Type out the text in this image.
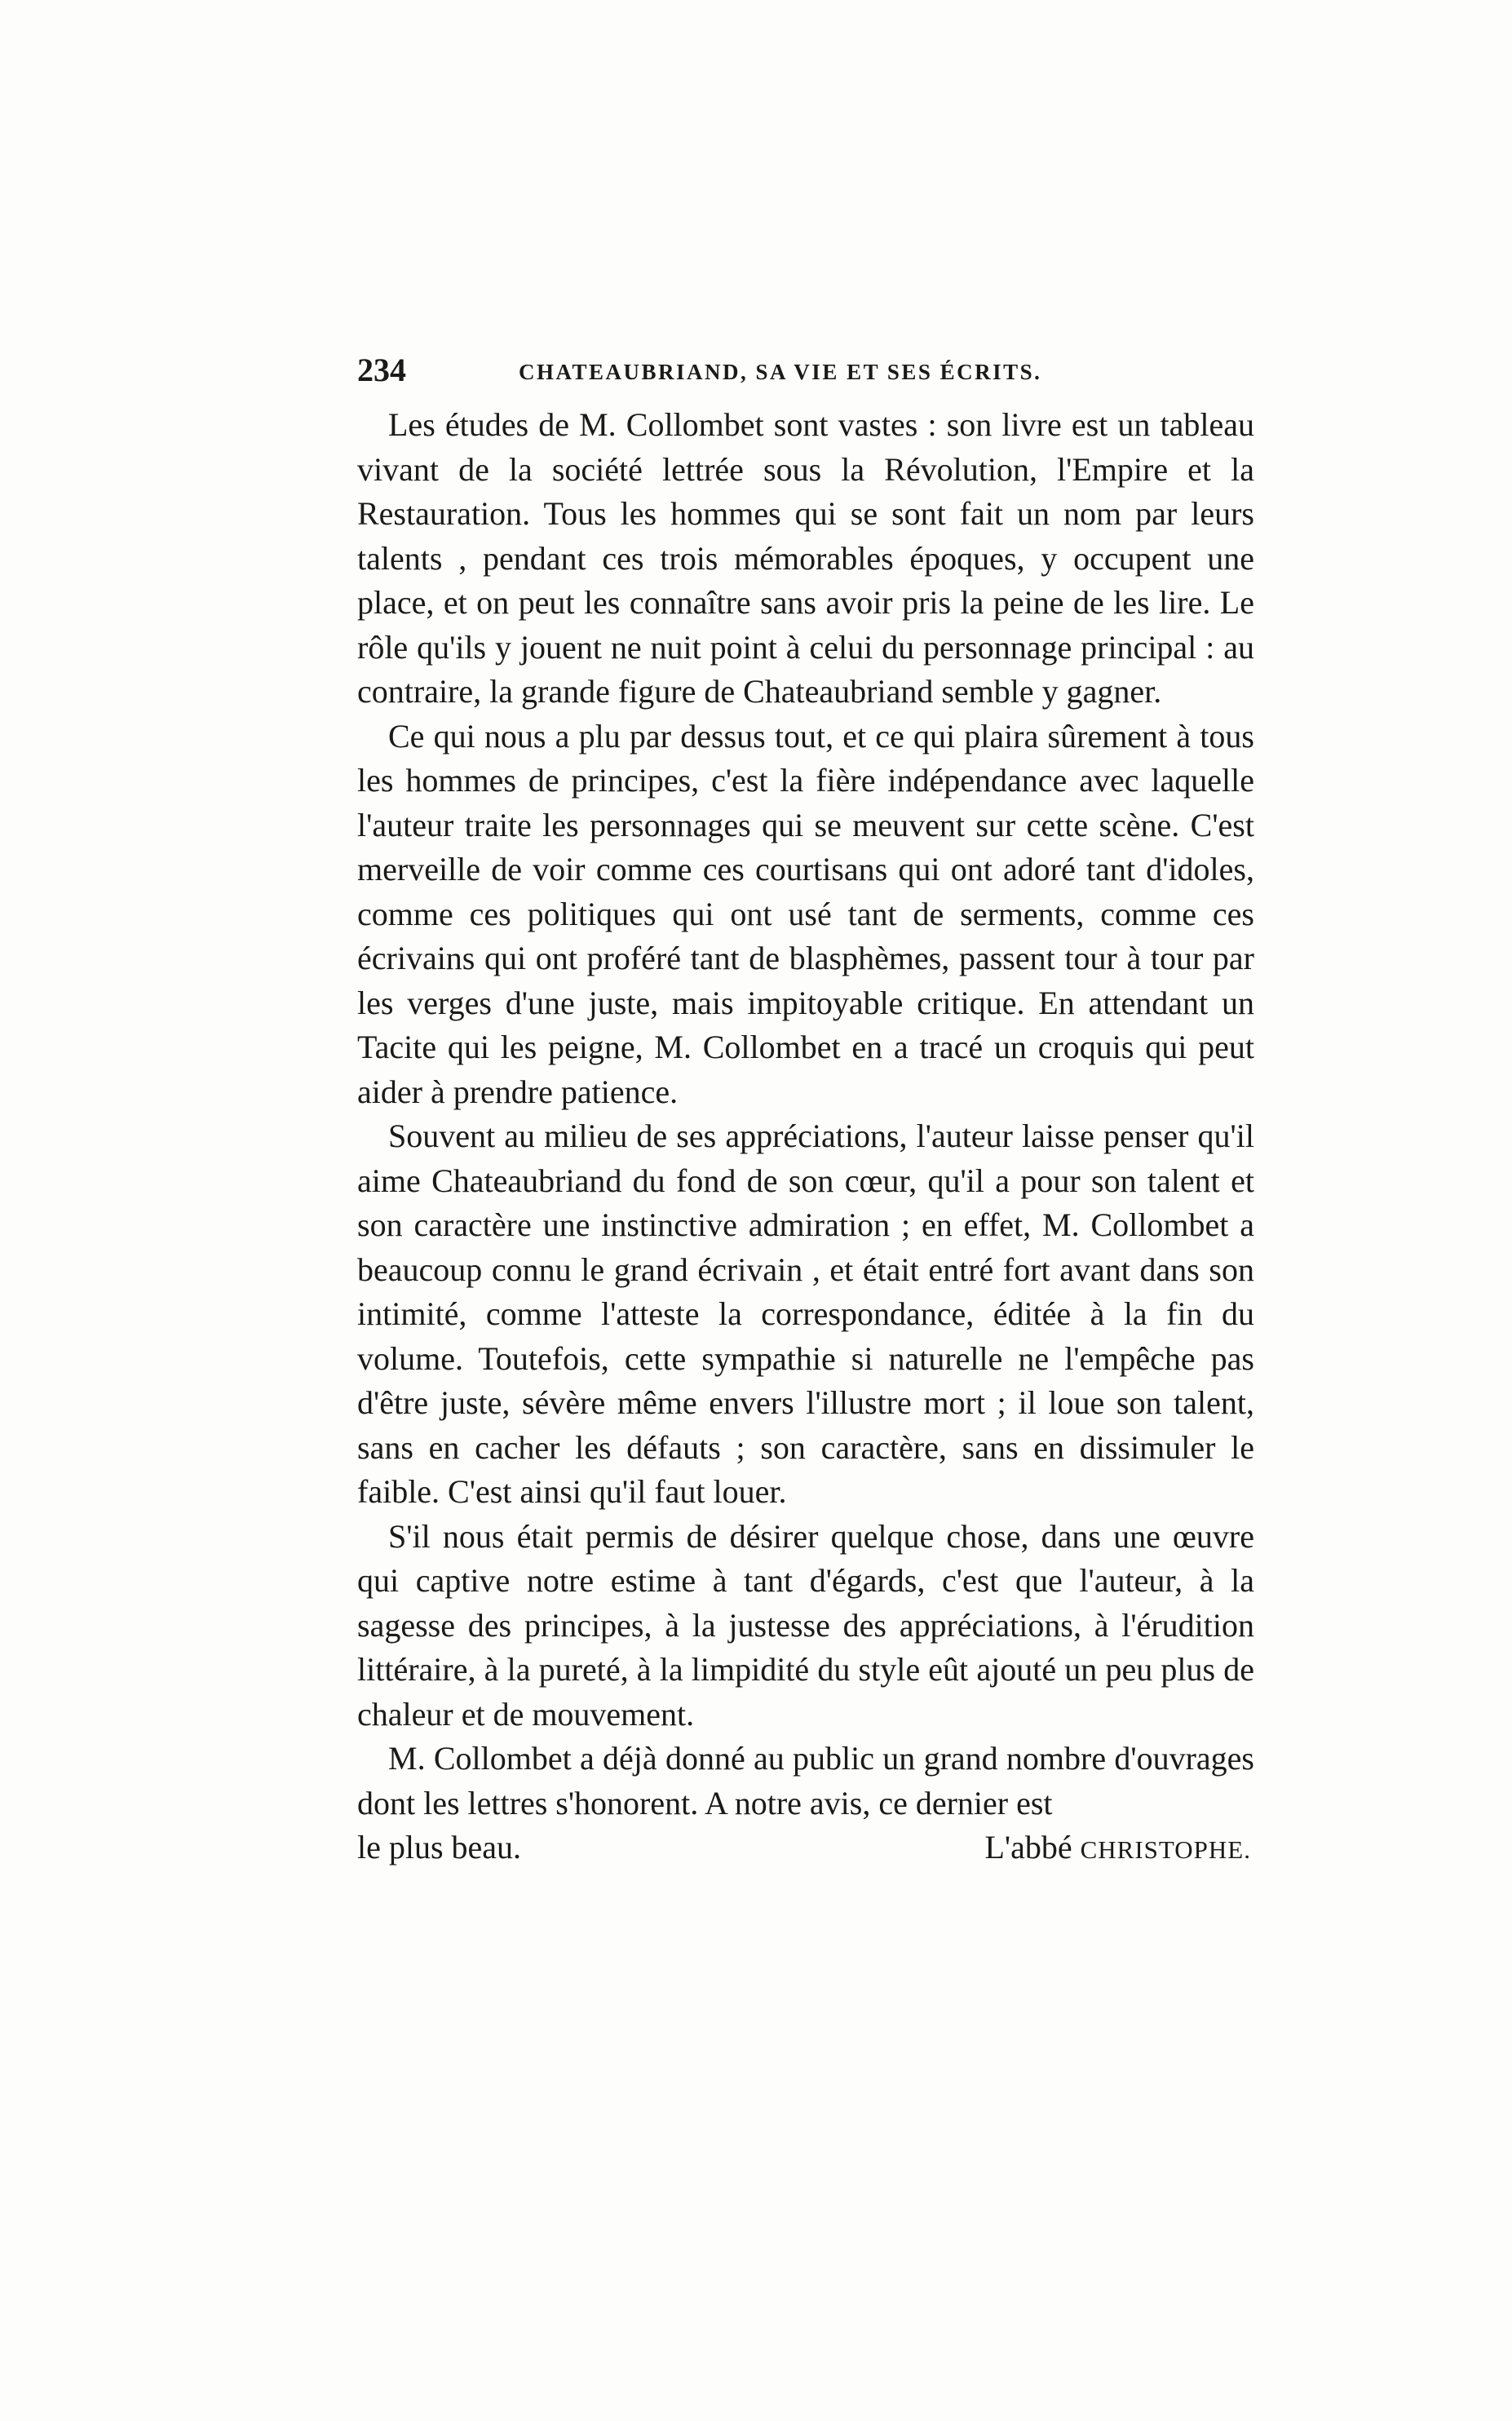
234	CHATEAUBRIAND, SA VIE ET SES ÉCRITS.

Les études de M. Collombet sont vastes : son livre est un tableau vivant de la société lettrée sous la Révolution, l'Empire et la Restauration. Tous les hommes qui se sont fait un nom par leurs talents , pendant ces trois mémorables époques, y occupent une place, et on peut les connaître sans avoir pris la peine de les lire. Le rôle qu'ils y jouent ne nuit point à celui du personnage principal : au contraire, la grande figure de Chateaubriand semble y gagner.

Ce qui nous a plu par dessus tout, et ce qui plaira sûrement à tous les hommes de principes, c'est la fière indépendance avec laquelle l'auteur traite les personnages qui se meuvent sur cette scène. C'est merveille de voir comme ces courtisans qui ont adoré tant d'idoles, comme ces politiques qui ont usé tant de serments, comme ces écrivains qui ont proféré tant de blasphèmes, passent tour à tour par les verges d'une juste, mais impitoyable critique. En attendant un Tacite qui les peigne, M. Collombet en a tracé un croquis qui peut aider à prendre patience.

Souvent au milieu de ses appréciations, l'auteur laisse penser qu'il aime Chateaubriand du fond de son cœur, qu'il a pour son talent et son caractère une instinctive admiration ; en effet, M. Collombet a beaucoup connu le grand écrivain , et était entré fort avant dans son intimité, comme l'atteste la correspondance, éditée à la fin du volume. Toutefois, cette sympathie si naturelle ne l'empêche pas d'être juste, sévère même envers l'illustre mort ; il loue son talent, sans en cacher les défauts ; son caractère, sans en dissimuler le faible. C'est ainsi qu'il faut louer.

S'il nous était permis de désirer quelque chose, dans une œuvre qui captive notre estime à tant d'égards, c'est que l'auteur, à la sagesse des principes, à la justesse des appréciations, à l'érudition littéraire, à la pureté, à la limpidité du style eût ajouté un peu plus de chaleur et de mouvement.

M. Collombet a déjà donné au public un grand nombre d'ouvrages dont les lettres s'honorent. A notre avis, ce dernier est

le plus beau.	L'abbé CHRISTOPHE.
